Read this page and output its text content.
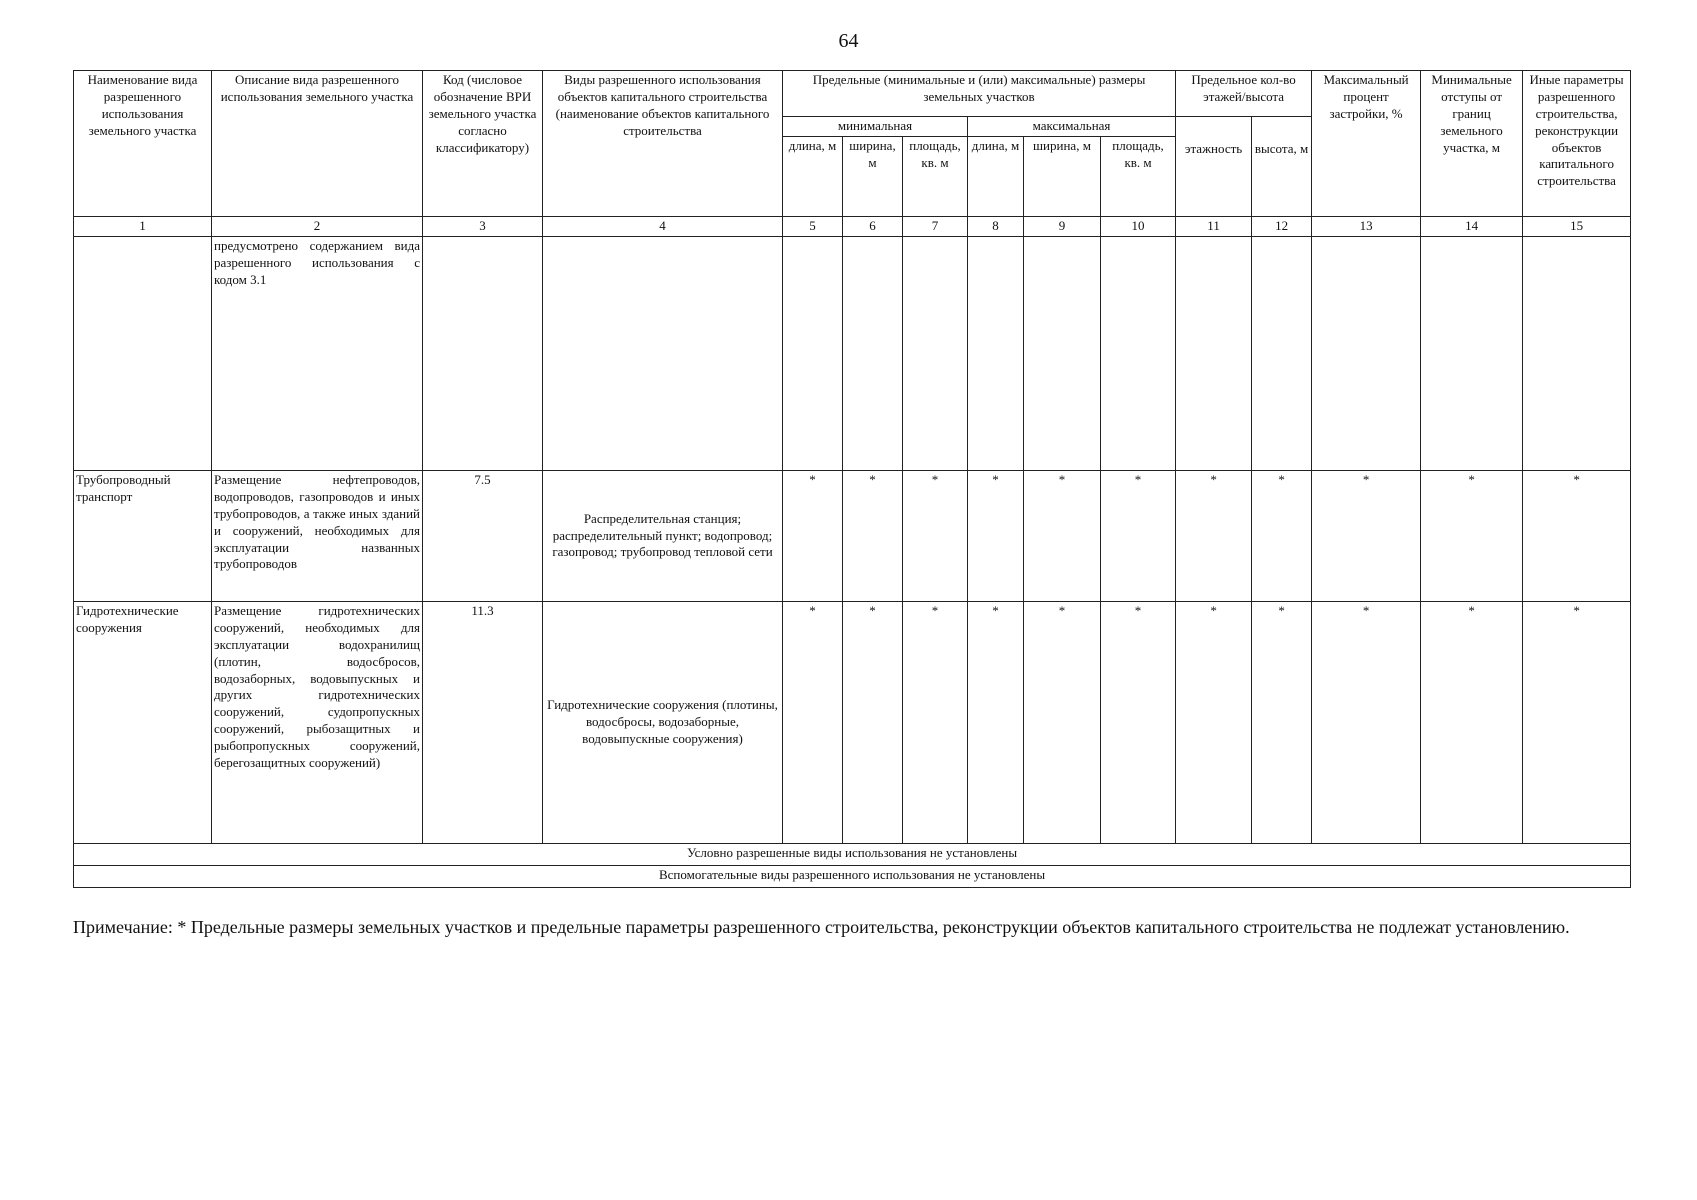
64
Наименование вида разрешенного использования земельного участка	Описание вида разрешенного использования земельного участка	Код (числовое обозначение ВРИ земельного участка согласно классификатору)	Виды разрешенного использования объектов капитального строительства (наименование объектов капитального строительства	Предельные (минимальные и (или) максимальные) размеры земельных участков						Предельное кол-во этажей/высота		Максимальный процент застройки, %	Минимальные отступы от границ земельного участка, м	Иные параметры разрешенного строительства, реконструкции объектов капитального строительства
				минимальная			максимальная			этажность	высота, м			
				длина, м	ширина, м	площадь, кв. м	длина, м	ширина, м	площадь, кв. м					
1	2	3	4	5	6	7	8	9	10	11	12	13	14	15
	предусмотрено содержанием вида разрешенного использования с кодом 3.1													
Трубопроводный транспорт	Размещение нефтепроводов, водопроводов, газопроводов и иных трубопроводов, а также иных зданий и сооружений, необходимых для эксплуатации названных трубопроводов	7.5	Распределительная станция; распределительный пункт; водопровод; газопровод; трубопровод тепловой сети	*	*	*	*	*	*	*	*	*	*	*
Гидротехнические сооружения	Размещение гидротехнических сооружений, необходимых для эксплуатации водохранилищ (плотин, водосбросов, водозаборных, водовыпускных и других гидротехнических сооружений, судопропускных сооружений, рыбозащитных и рыбопропускных сооружений, берегозащитных сооружений)	11.3	Гидротехнические сооружения (плотины, водосбросы, водозаборные, водовыпускные сооружения)	*	*	*	*	*	*	*	*	*	*	*
Условно разрешенные виды использования не установлены														
Вспомогательные виды разрешенного использования не установлены														
Примечание: * Предельные размеры земельных участков и предельные параметры разрешенного строительства, реконструкции объектов капитального строительства не подлежат установлению.
